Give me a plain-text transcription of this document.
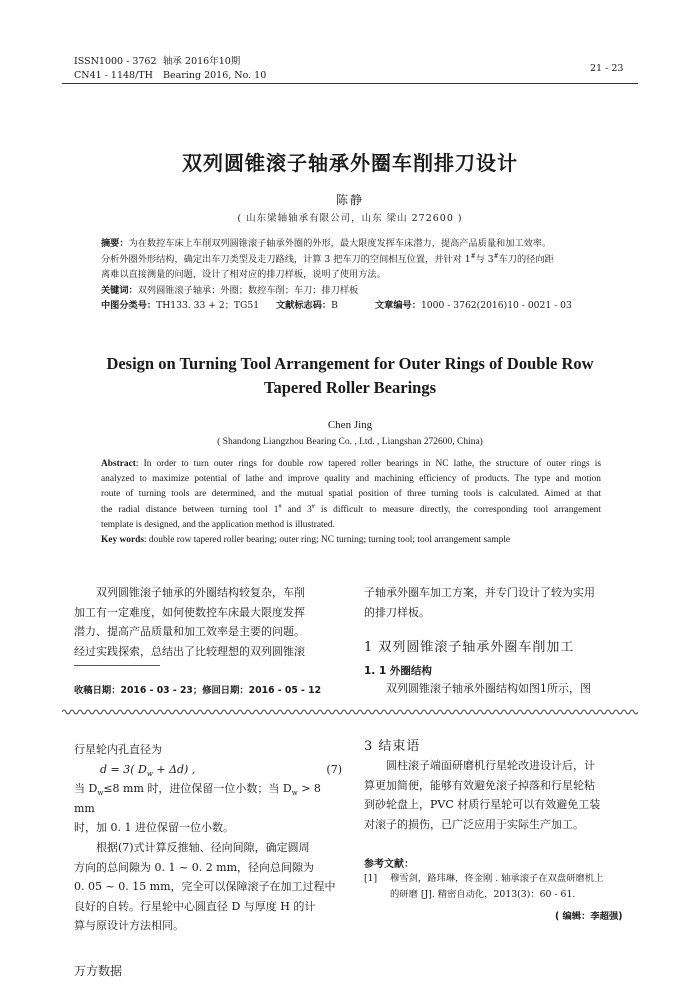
ISSN1000 - 3762 轴承 2016年10期
CN41 - 1148/TH Bearing 2016, No. 10
21 - 23
双列圆锥滚子轴承外圈车削排刀设计
陈静
( 山东梁轴轴承有限公司，山东 梁山 272600 )
摘要：为在数控车床上车削双列圆锥滚子轴承外圈的外形，最大限度发挥车床潜力，提高产品质量和加工效率。
分析外圈外形结构，确定出车刀类型及走刀路线，计算 3 把车刀的空间相互位置，并针对 1#与 3#车刀的径向距
离难以直接测量的问题，设计了相对应的排刀样板，说明了使用方法。
关键词：双列圆锥滚子轴承；外圈；数控车削；车刀；排刀样板
中图分类号：TH133. 33 + 2；TG51 文献标志码：B	文章编号：1000 - 3762(2016)10 - 0021 - 03
Design on Turning Tool Arrangement for Outer Rings of Double Row
Tapered Roller Bearings
Chen Jing
( Shandong Liangzhou Bearing Co. , Ltd. , Liangshan 272600, China)
Abstract: In order to turn outer rings for double row tapered roller bearings in NC lathe, the structure of outer rings is
analyzed to maximize potential of lathe and improve quality and machining efficiency of products. The type and motion
route of turning tools are determined, and the mutual spatial position of three turning tools is calculated. Aimed at that
the radial distance between turning tool 1# and 3# is difficult to measure directly, the corresponding tool arrangement
template is designed, and the application method is illustrated.
Key words: double row tapered roller bearing; outer ring; NC turning; turning tool; tool arrangement sample
双列圆锥滚子轴承的外圈结构较复杂，车削
加工有一定难度，如何使数控车床最大限度发挥
潜力、提高产品质量和加工效率是主要的问题。
经过实践探索，总结出了比较理想的双列圆锥滚
收稿日期：2016 - 03 - 23；修回日期：2016 - 05 - 12
子轴承外圈车加工方案，并专门设计了较为实用
的排刀样板。
1 双列圆锥滚子轴承外圈车削加工
1. 1 外圈结构
双列圆锥滚子轴承外圈结构如图1所示，图
行星轮内孔直径为
d = 3( $D_w + \Delta d$) ,	(7)
当 $D_w\le 8$ mm 时，进位保留一位小数；当 $D_w > 8$ mm
时，加 0. 1 进位保留一位小数。
根据(7)式计算反推轴、径向间隙，确定圆周
方向的总间隙为 0. 1 ~ 0. 2 mm，径向总间隙为
0. 05 ~ 0. 15 mm，完全可以保障滚子在加工过程中
良好的自转。行星轮中心圆直径 D 与厚度 H 的计
算与原设计方法相同。
3 结束语
圆柱滚子端面研磨机行星轮改进设计后，计
算更加简便，能够有效避免滚子掉落和行星轮粘
到砂轮盘上，PVC 材质行星轮可以有效避免工装
对滚子的损伤，已广泛应用于实际生产加工。
参考文献：
[1]	穆雪剑，路玮琳，佟金刚 . 轴承滚子在双盘研磨机上
的研磨 [J]. 精密自动化，2013(3)：60 - 61.
( 编辑：李超强)
万方数据
